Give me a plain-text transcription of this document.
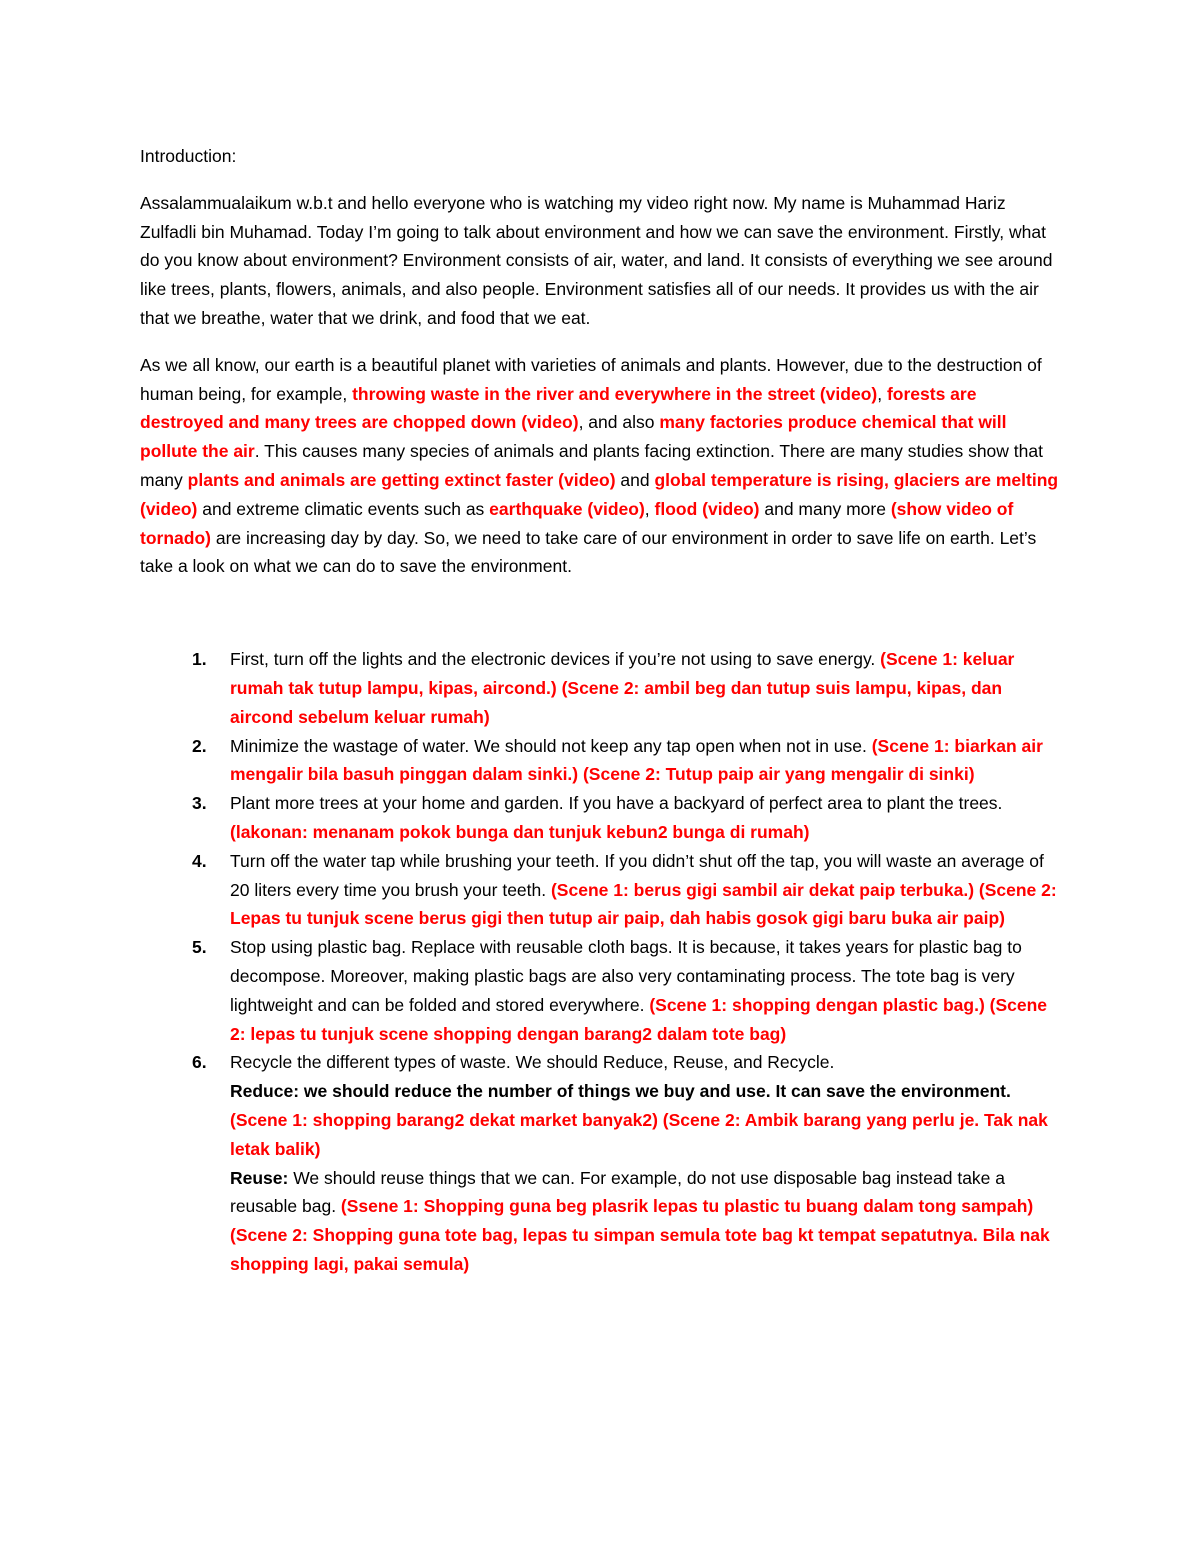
Introduction:

Assalammualaikum w.b.t and hello everyone who is watching my video right now. My name is Muhammad Hariz Zulfadli bin Muhamad. Today I’m going to talk about environment and how we can save the environment. Firstly, what do you know about environment? Environment consists of air, water, and land. It consists of everything we see around like trees, plants, flowers, animals, and also people. Environment satisfies all of our needs. It provides us with the air that we breathe, water that we drink, and food that we eat.

As we all know, our earth is a beautiful planet with varieties of animals and plants. However, due to the destruction of human being, for example, throwing waste in the river and everywhere in the street (video), forests are destroyed and many trees are chopped down (video), and also many factories produce chemical that will pollute the air. This causes many species of animals and plants facing extinction. There are many studies show that many plants and animals are getting extinct faster (video) and global temperature is rising, glaciers are melting (video) and extreme climatic events such as earthquake (video), flood (video) and many more (show video of tornado) are increasing day by day. So, we need to take care of our environment in order to save life on earth. Let’s take a look on what we can do to save the environment.

1. First, turn off the lights and the electronic devices if you’re not using to save energy. (Scene 1: keluar rumah tak tutup lampu, kipas, aircond.) (Scene 2: ambil beg dan tutup suis lampu, kipas, dan aircond sebelum keluar rumah)
2. Minimize the wastage of water. We should not keep any tap open when not in use. (Scene 1: biarkan air mengalir bila basuh pinggan dalam sinki.) (Scene 2: Tutup paip air yang mengalir di sinki)
3. Plant more trees at your home and garden. If you have a backyard of perfect area to plant the trees. (lakonan: menanam pokok bunga dan tunjuk kebun2 bunga di rumah)
4. Turn off the water tap while brushing your teeth. If you didn’t shut off the tap, you will waste an average of 20 liters every time you brush your teeth. (Scene 1: berus gigi sambil air dekat paip terbuka.) (Scene 2: Lepas tu tunjuk scene berus gigi then tutup air paip, dah habis gosok gigi baru buka air paip)
5. Stop using plastic bag. Replace with reusable cloth bags. It is because, it takes years for plastic bag to decompose. Moreover, making plastic bags are also very contaminating process. The tote bag is very lightweight and can be folded and stored everywhere. (Scene 1: shopping dengan plastic bag.) (Scene 2: lepas tu tunjuk scene shopping dengan barang2 dalam tote bag)
6. Recycle the different types of waste. We should Reduce, Reuse, and Recycle.
Reduce: we should reduce the number of things we buy and use. It can save the environment. (Scene 1: shopping barang2 dekat market banyak2) (Scene 2: Ambik barang yang perlu je. Tak nak letak balik)
Reuse: We should reuse things that we can. For example, do not use disposable bag instead take a reusable bag. (Ssene 1: Shopping guna beg plasrik lepas tu plastic tu buang dalam tong sampah) (Scene 2: Shopping guna tote bag, lepas tu simpan semula tote bag kt tempat sepatutnya. Bila nak shopping lagi, pakai semula)
